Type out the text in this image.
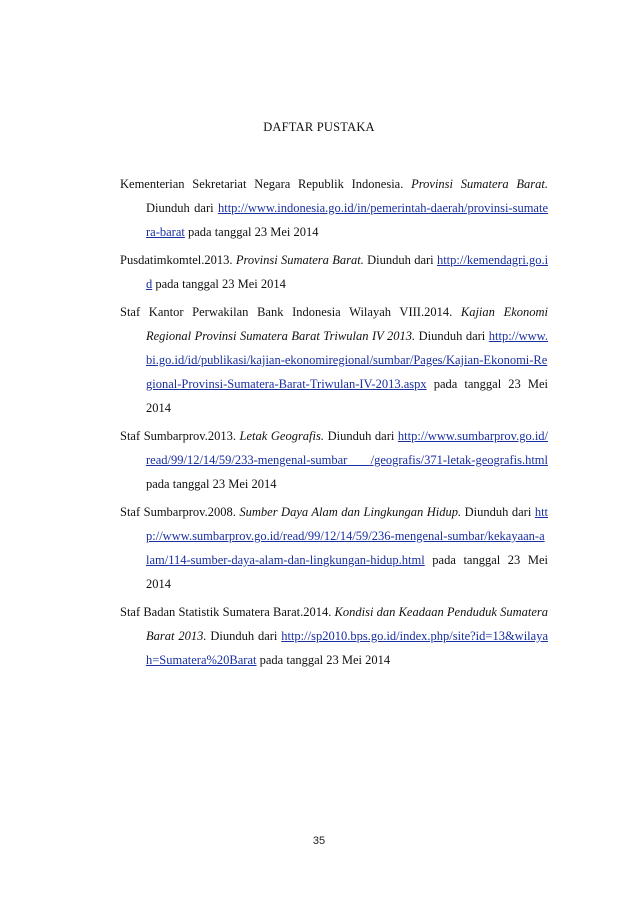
DAFTAR PUSTAKA

Kementerian Sekretariat Negara Republik Indonesia. Provinsi Sumatera Barat. Diunduh dari http://www.indonesia.go.id/in/pemerintah-daerah/provinsi-sumatera-barat pada tanggal 23 Mei 2014

Pusdatimkomtel.2013. Provinsi Sumatera Barat. Diunduh dari http://kemendagri.go.id pada tanggal 23 Mei 2014

Staf Kantor Perwakilan Bank Indonesia Wilayah VIII.2014. Kajian Ekonomi Regional Provinsi Sumatera Barat Triwulan IV 2013. Diunduh dari http://www.bi.go.id/id/publikasi/kajian-ekonomiregional/sumbar/Pages/Kajian-Ekonomi-Regional-Provinsi-Sumatera-Barat-Triwulan-IV-2013.aspx pada tanggal 23 Mei 2014

Staf Sumbarprov.2013. Letak Geografis. Diunduh dari http://www.sumbarprov.go.id/read/99/12/14/59/233-mengenal-sumbar /geografis/371-letak-geografis.html pada tanggal 23 Mei 2014

Staf Sumbarprov.2008. Sumber Daya Alam dan Lingkungan Hidup. Diunduh dari http://www.sumbarprov.go.id/read/99/12/14/59/236-mengenal-sumbar/kekayaan-alam/114-sumber-daya-alam-dan-lingkungan-hidup.html pada tanggal 23 Mei 2014

Staf Badan Statistik Sumatera Barat.2014. Kondisi dan Keadaan Penduduk Sumatera Barat 2013. Diunduh dari http://sp2010.bps.go.id/index.php/site?id=13&wilayah=Sumatera%20Barat pada tanggal 23 Mei 2014

35
